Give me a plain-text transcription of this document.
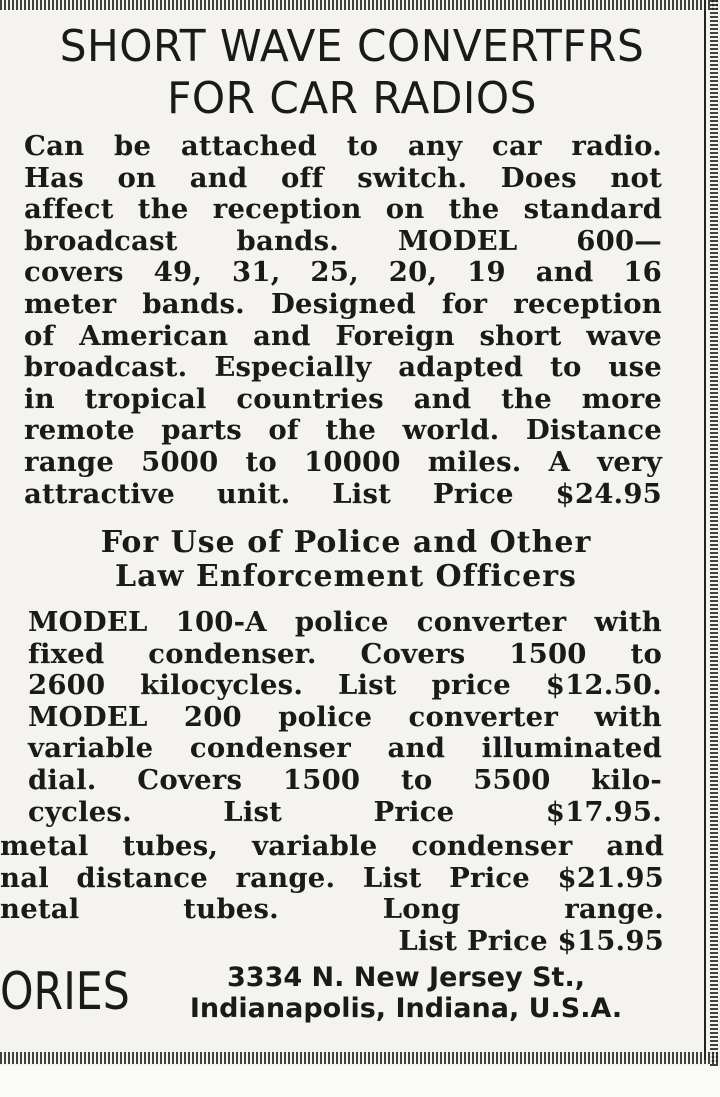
SHORT WAVE CONVERTFRS
FOR CAR RADIOS
Can be attached to any car radio.
Has on and off switch. Does not
affect the reception on the standard
broadcast bands. MODEL 600—
covers 49, 31, 25, 20, 19 and 16
meter bands. Designed for reception
of American and Foreign short wave
broadcast. Especially adapted to use
in tropical countries and the more
remote parts of the world. Distance
range 5000 to 10000 miles. A very
attractive unit. List Price $24.95
For Use of Police and Other
Law Enforcement Officers
MODEL 100-A police converter with
fixed condenser. Covers 1500 to
2600 kilocycles. List price $12.50.
MODEL 200 police converter with
variable condenser and illuminated
dial. Covers 1500 to 5500 kilo-
cycles. List Price $17.95.
metal tubes, variable condenser and
nal distance range. List Price $21.95
netal tubes. Long range.
List Price $15.95
ORIES	3334 N. New Jersey St.,
Indianapolis, Indiana, U.S.A.
